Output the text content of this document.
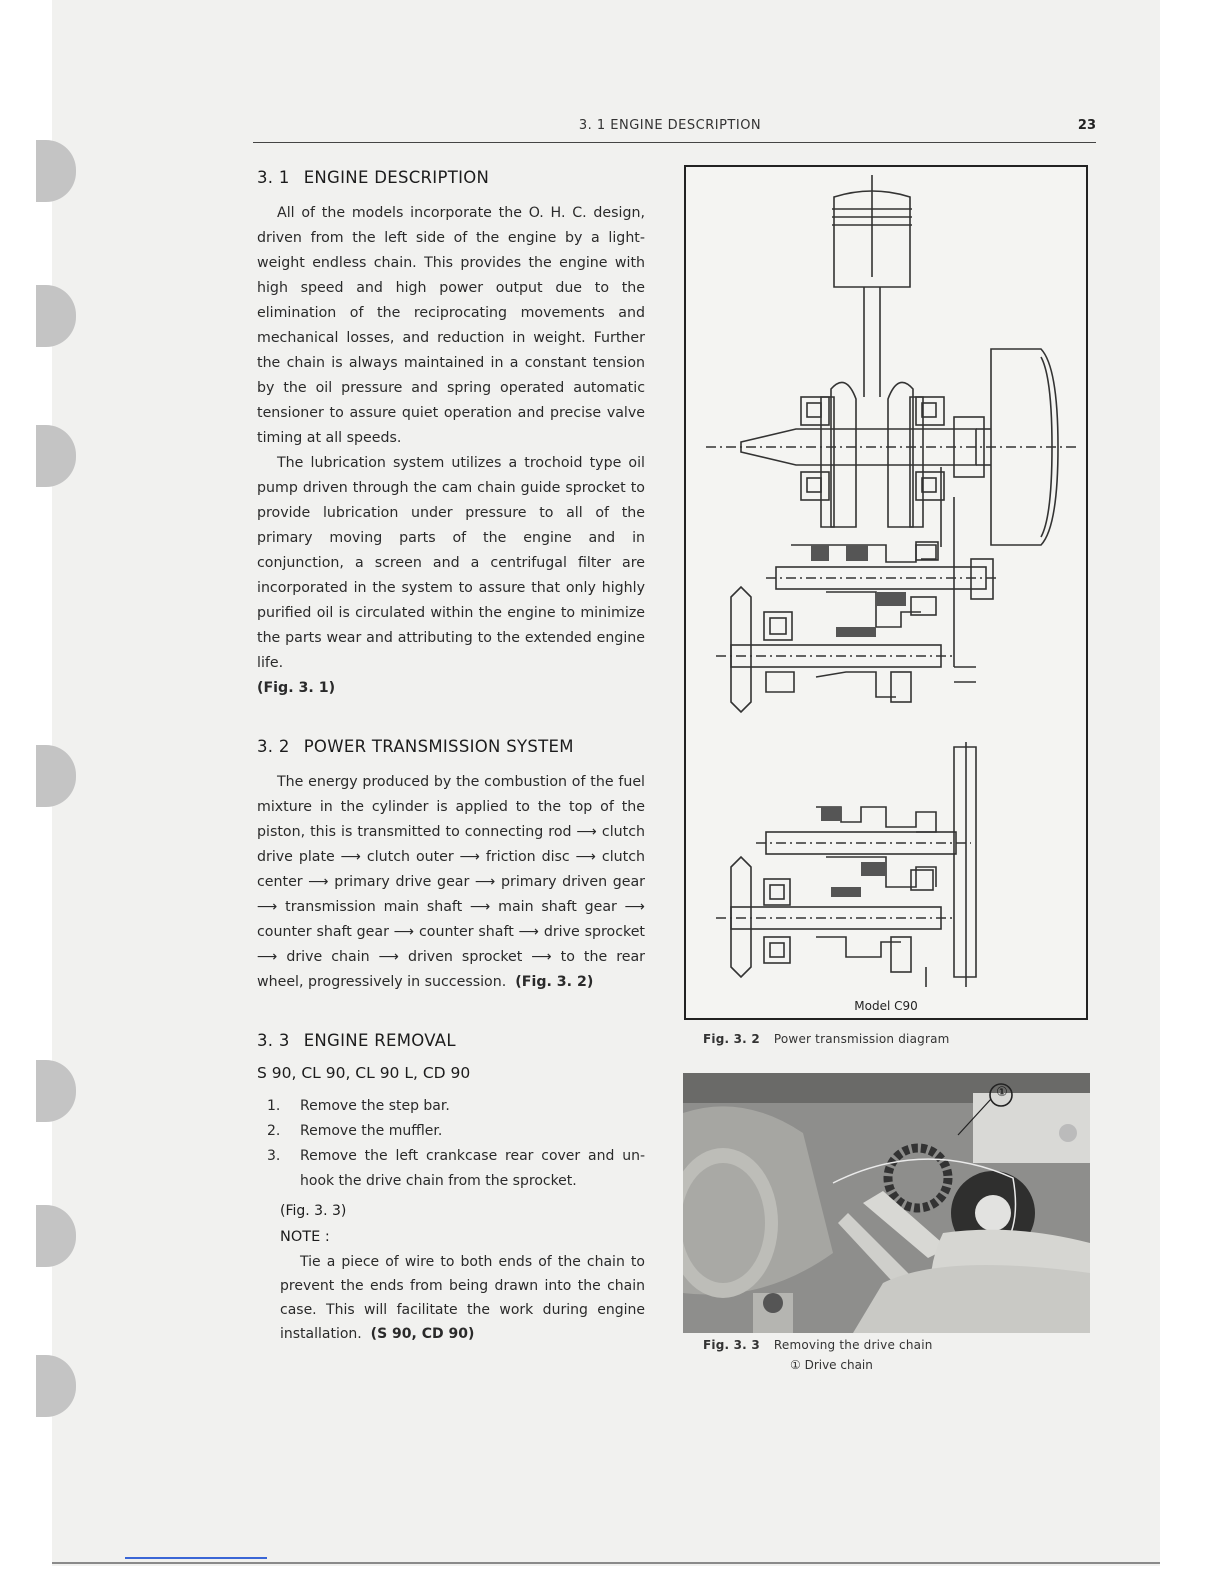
3. 1 ENGINE DESCRIPTION	23
3. 1 ENGINE DESCRIPTION

All of the models incorporate the O. H. C. design, driven from the left side of the engine by a light-weight endless chain. This provides the engine with high speed and high power output due to the elimination of the reciprocating movements and mechanical losses, and reduction in weight. Further the chain is always maintained in a constant tension by the oil pressure and spring operated automatic tensioner to assure quiet operation and precise valve timing at all speeds.

The lubrication system utilizes a trochoid type oil pump driven through the cam chain guide sprocket to provide lubrication under pressure to all of the primary moving parts of the engine and in conjunction, a screen and a centrifugal filter are incorporated in the system to assure that only highly purified oil is circulated within the engine to minimize the parts wear and attributing to the extended engine life.
(Fig. 3. 1)

3. 2 POWER TRANSMISSION SYSTEM

The energy produced by the combustion of the fuel mixture in the cylinder is applied to the top of the piston, this is transmitted to connecting rod ⟶ clutch drive plate ⟶ clutch outer ⟶ friction disc ⟶ clutch center ⟶ primary drive gear ⟶ primary driven gear ⟶ transmission main shaft ⟶ main shaft gear ⟶ counter shaft gear ⟶ counter shaft ⟶ drive sprocket ⟶ drive chain ⟶ driven sprocket ⟶ to the rear wheel, progressively in succession. (Fig. 3. 2)

3. 3 ENGINE REMOVAL
S 90, CL 90, CL 90 L, CD 90
1.	Remove the step bar.
2.	Remove the muffler.
3.	Remove the left crankcase rear cover and un-hook the drive chain from the sprocket.
(Fig. 3. 3)
NOTE :
Tie a piece of wire to both ends of the chain to prevent the ends from being drawn into the chain case. This will facilitate the work during engine installation. (S 90, CD 90)
Model C90
Fig. 3. 2 Power transmission diagram
①
Fig. 3. 3 Removing the drive chain
① Drive chain
